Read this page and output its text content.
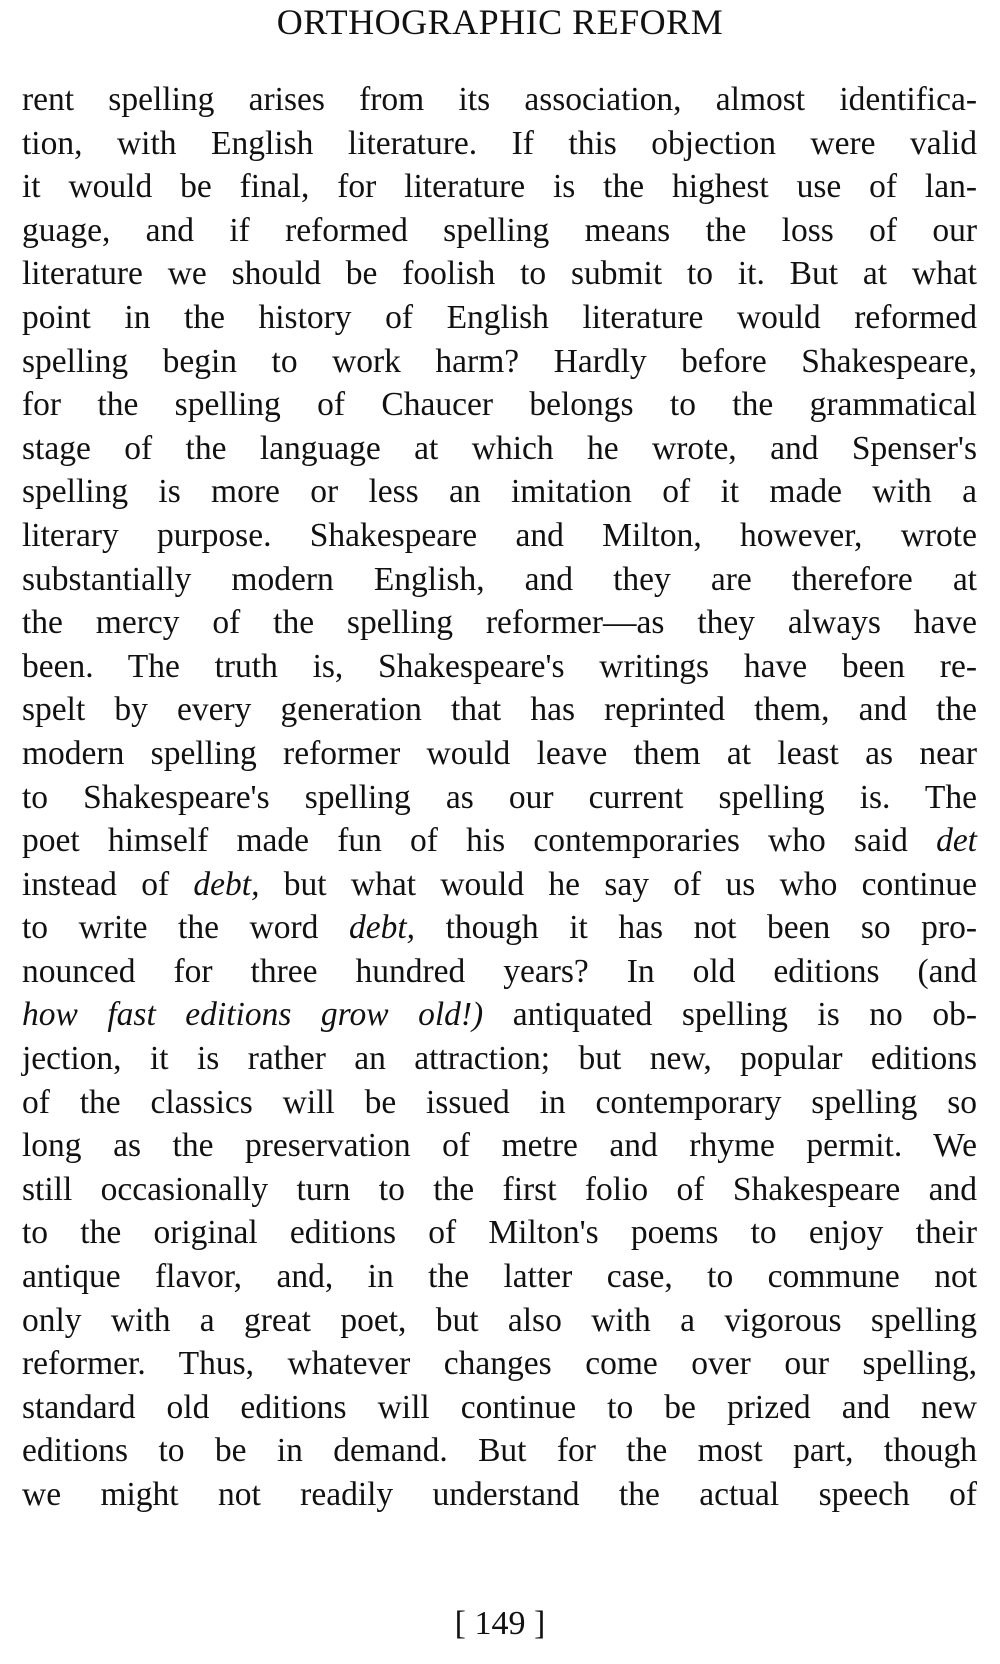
ORTHOGRAPHIC REFORM
rent spelling arises from its association, almost identifica-
tion, with English literature. If this objection were valid
it would be final, for literature is the highest use of lan-
guage, and if reformed spelling means the loss of our
literature we should be foolish to submit to it. But at what
point in the history of English literature would reformed
spelling begin to work harm? Hardly before Shakespeare,
for the spelling of Chaucer belongs to the grammatical
stage of the language at which he wrote, and Spenser's
spelling is more or less an imitation of it made with a
literary purpose. Shakespeare and Milton, however, wrote
substantially modern English, and they are therefore at
the mercy of the spelling reformer—as they always have
been. The truth is, Shakespeare's writings have been re-
spelt by every generation that has reprinted them, and the
modern spelling reformer would leave them at least as near
to Shakespeare's spelling as our current spelling is. The
poet himself made fun of his contemporaries who said det
instead of debt, but what would he say of us who continue
to write the word debt, though it has not been so pro-
nounced for three hundred years? In old editions (and
how fast editions grow old!) antiquated spelling is no ob-
jection, it is rather an attraction; but new, popular editions
of the classics will be issued in contemporary spelling so
long as the preservation of metre and rhyme permit. We
still occasionally turn to the first folio of Shakespeare and
to the original editions of Milton's poems to enjoy their
antique flavor, and, in the latter case, to commune not
only with a great poet, but also with a vigorous spelling
reformer. Thus, whatever changes come over our spelling,
standard old editions will continue to be prized and new
editions to be in demand. But for the most part, though
we might not readily understand the actual speech of
[ 149 ]
